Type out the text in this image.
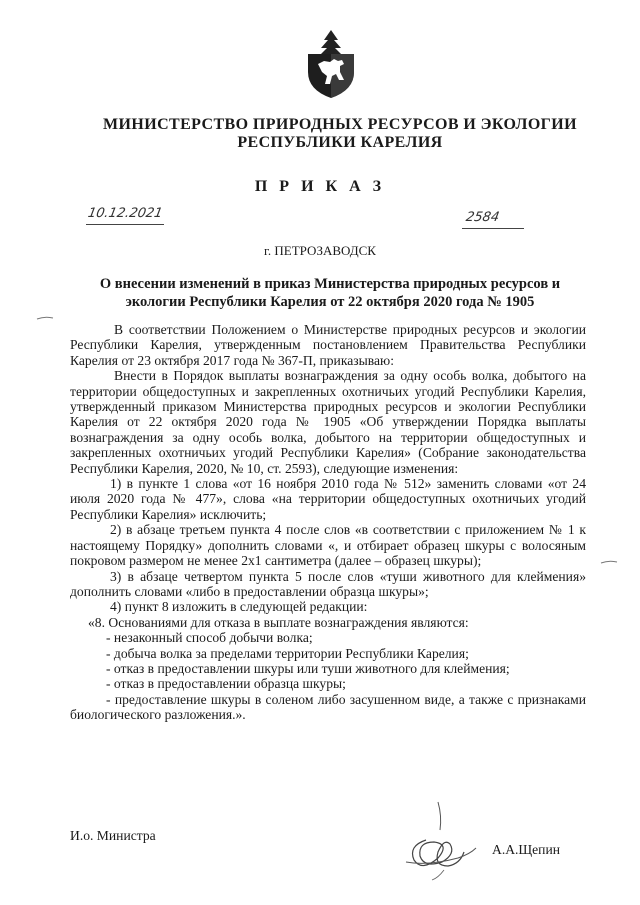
МИНИСТЕРСТВО ПРИРОДНЫХ РЕСУРСОВ И ЭКОЛОГИИ
РЕСПУБЛИКИ КАРЕЛИЯ
П Р И К А З
10.12.2021	2584
г. ПЕТРОЗАВОДСК
О внесении изменений в приказ Министерства природных ресурсов и
экологии Республики Карелия от 22 октября 2020 года № 1905

В соответствии Положением о Министерстве природных ресурсов и экологии Республики Карелия, утвержденным постановлением Правительства Республики Карелия от 23 октября 2017 года № 367-П, приказываю:

Внести в Порядок выплаты вознаграждения за одну особь волка, добытого на территории общедоступных и закрепленных охотничьих угодий Республики Карелия, утвержденный приказом Министерства природных ресурсов и экологии Республики Карелия от 22 октября 2020 года № 1905 «Об утверждении Порядка выплаты вознаграждения за одну особь волка, добытого на территории общедоступных и закрепленных охотничьих угодий Республики Карелия» (Собрание законодательства Республики Карелия, 2020, № 10, ст. 2593), следующие изменения:

1) в пункте 1 слова «от 16 ноября 2010 года № 512» заменить словами «от 24 июля 2020 года № 477», слова «на территории общедоступных охотничьих угодий Республики Карелия» исключить;

2) в абзаце третьем пункта 4 после слов «в соответствии с приложением № 1 к настоящему Порядку» дополнить словами «, и отбирает образец шкуры с волосяным покровом размером не менее 2х1 сантиметра (далее – образец шкуры);

3) в абзаце четвертом пункта 5 после слов «туши животного для клеймения» дополнить словами «либо в предоставлении образца шкуры»;

4) пункт 8 изложить в следующей редакции:

«8. Основаниями для отказа в выплате вознаграждения являются:

- незаконный способ добычи волка;

- добыча волка за пределами территории Республики Карелия;

- отказ в предоставлении шкуры или туши животного для клеймения;

- отказ в предоставлении образца шкуры;

- предоставление шкуры в соленом либо засушенном виде, а также с признаками биологического разложения.».

И.о. Министра
А.А.Щепин
